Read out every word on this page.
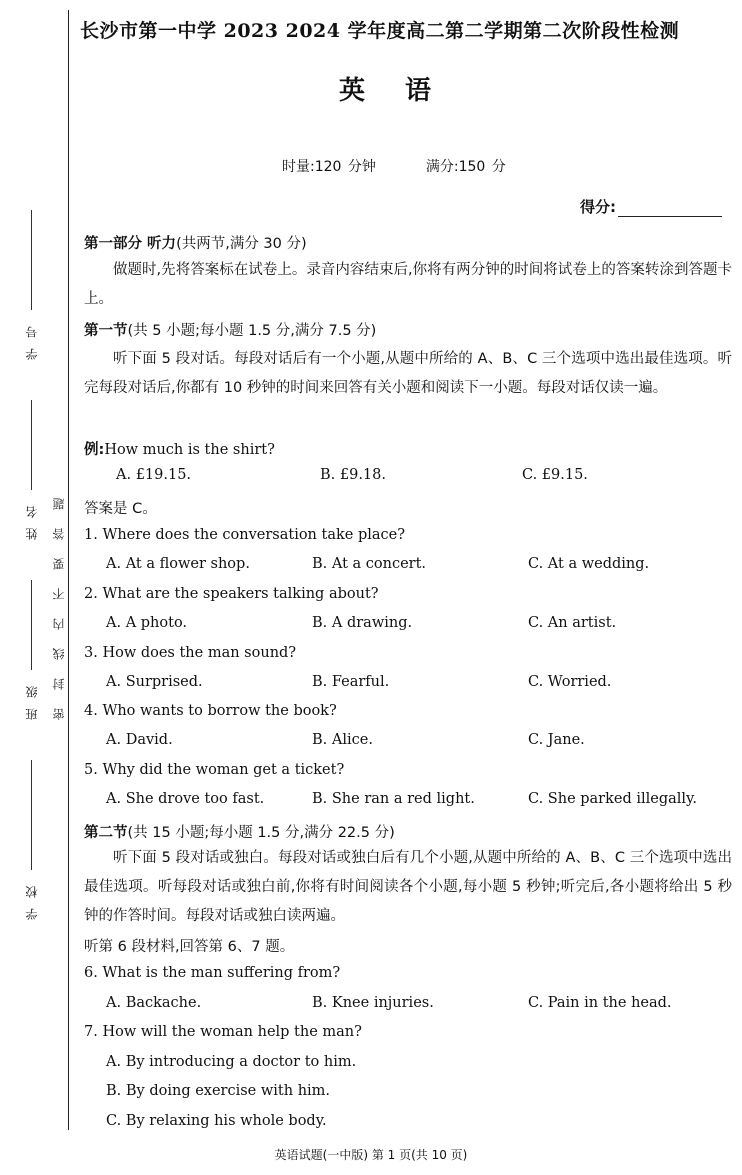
密封线内不要答题
学号
姓名
班级
学校
长沙市第一中学 2023 2024 学年度高二第二学期第二次阶段性检测
英语
时量:120 分钟	满分:150 分
得分:
第一部分 听力(共两节,满分 30 分)
做题时,先将答案标在试卷上。录音内容结束后,你将有两分钟的时间将试卷上的答案转涂到答题卡上。
第一节(共 5 小题;每小题 1.5 分,满分 7.5 分)
听下面 5 段对话。每段对话后有一个小题,从题中所给的 A、B、C 三个选项中选出最佳选项。听完每段对话后,你都有 10 秒钟的时间来回答有关小题和阅读下一小题。每段对话仅读一遍。
例:How much is the shirt?
A. £19.15.	B. £9.18.	C. £9.15.
答案是 C。
1. Where does the conversation take place?
A. At a flower shop.	B. At a concert.	C. At a wedding.
2. What are the speakers talking about?
A. A photo.	B. A drawing.	C. An artist.
3. How does the man sound?
A. Surprised.	B. Fearful.	C. Worried.
4. Who wants to borrow the book?
A. David.	B. Alice.	C. Jane.
5. Why did the woman get a ticket?
A. She drove too fast.	B. She ran a red light.	C. She parked illegally.
第二节(共 15 小题;每小题 1.5 分,满分 22.5 分)
听下面 5 段对话或独白。每段对话或独白后有几个小题,从题中所给的 A、B、C 三个选项中选出最佳选项。听每段对话或独白前,你将有时间阅读各个小题,每小题 5 秒钟;听完后,各小题将给出 5 秒钟的作答时间。每段对话或独白读两遍。
听第 6 段材料,回答第 6、7 题。
6. What is the man suffering from?
A. Backache.	B. Knee injuries.	C. Pain in the head.
7. How will the woman help the man?
A. By introducing a doctor to him.
B. By doing exercise with him.
C. By relaxing his whole body.
英语试题(一中版) 第 1 页(共 10 页)
